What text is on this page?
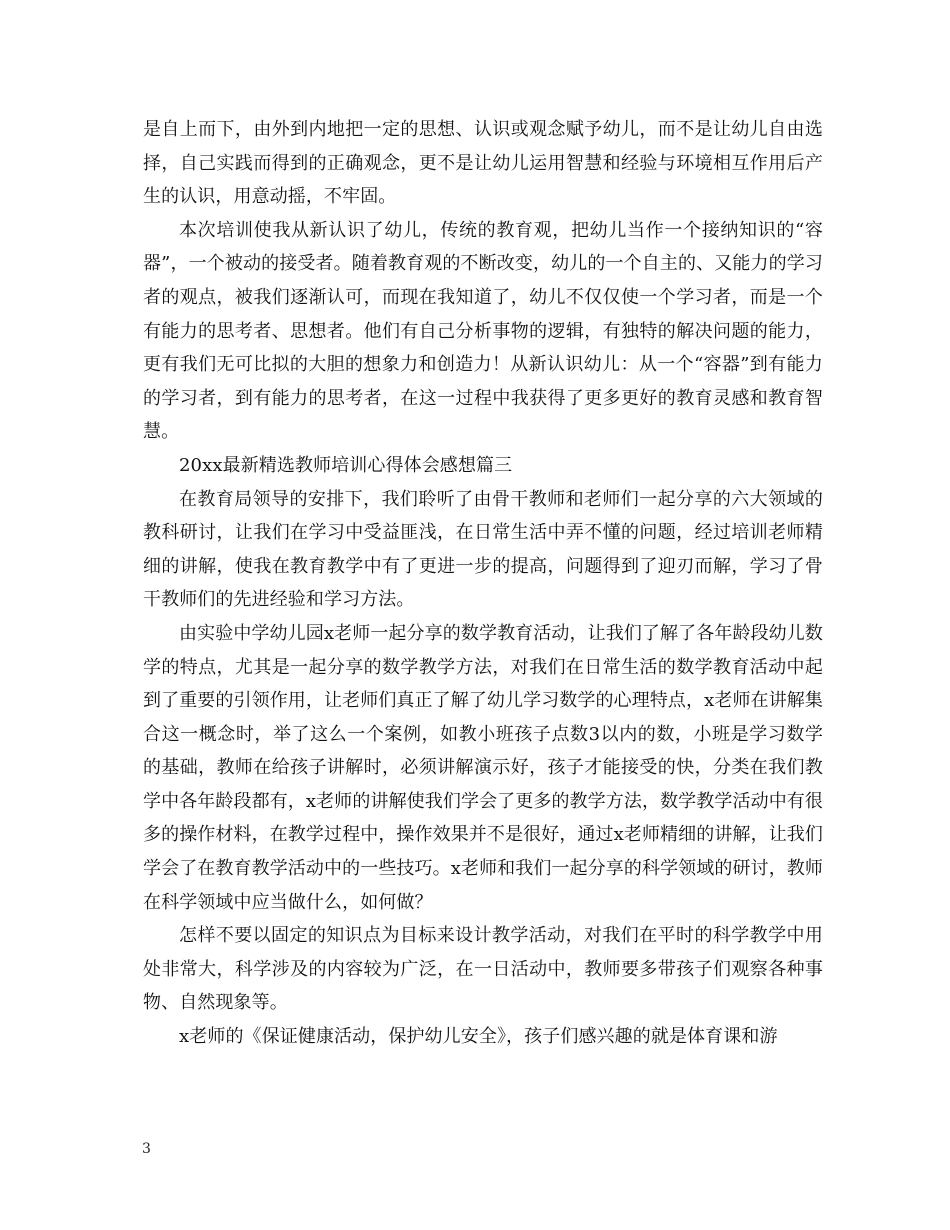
是自上而下，由外到内地把一定的思想、认识或观念赋予幼儿，而不是让幼儿自由选择，自己实践而得到的正确观念，更不是让幼儿运用智慧和经验与环境相互作用后产生的认识，用意动摇，不牢固。

本次培训使我从新认识了幼儿，传统的教育观，把幼儿当作一个接纳知识的“容器”，一个被动的接受者。随着教育观的不断改变，幼儿的一个自主的、又能力的学习者的观点，被我们逐渐认可，而现在我知道了，幼儿不仅仅使一个学习者，而是一个有能力的思考者、思想者。他们有自己分析事物的逻辑，有独特的解决问题的能力，更有我们无可比拟的大胆的想象力和创造力！从新认识幼儿：从一个“容器”到有能力的学习者，到有能力的思考者，在这一过程中我获得了更多更好的教育灵感和教育智慧。

20xx最新精选教师培训心得体会感想篇三

在教育局领导的安排下，我们聆听了由骨干教师和老师们一起分享的六大领域的教科研讨，让我们在学习中受益匪浅，在日常生活中弄不懂的问题，经过培训老师精细的讲解，使我在教育教学中有了更进一步的提高，问题得到了迎刃而解，学习了骨干教师们的先进经验和学习方法。

由实验中学幼儿园x老师一起分享的数学教育活动，让我们了解了各年龄段幼儿数学的特点，尤其是一起分享的数学教学方法，对我们在日常生活的数学教育活动中起到了重要的引领作用，让老师们真正了解了幼儿学习数学的心理特点，x老师在讲解集合这一概念时，举了这么一个案例，如教小班孩子点数3以内的数，小班是学习数学的基础，教师在给孩子讲解时，必须讲解演示好，孩子才能接受的快，分类在我们教学中各年龄段都有，x老师的讲解使我们学会了更多的教学方法，数学教学活动中有很多的操作材料，在教学过程中，操作效果并不是很好，通过x老师精细的讲解，让我们学会了在教育教学活动中的一些技巧。x老师和我们一起分享的科学领域的研讨，教师在科学领域中应当做什么，如何做？

怎样不要以固定的知识点为目标来设计教学活动，对我们在平时的科学教学中用处非常大，科学涉及的内容较为广泛，在一日活动中，教师要多带孩子们观察各种事物、自然现象等。

x老师的《保证健康活动，保护幼儿安全》，孩子们感兴趣的就是体育课和游

3
